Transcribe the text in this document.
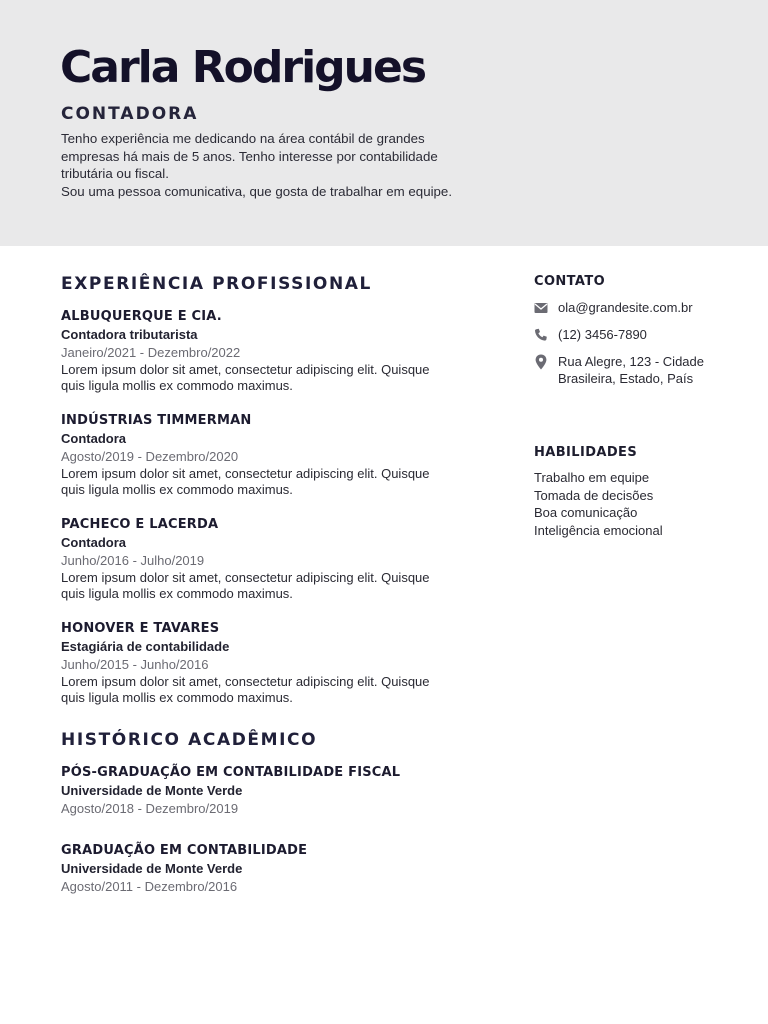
Carla Rodrigues
CONTADORA

Tenho experiência me dedicando na área contábil de grandes
empresas há mais de 5 anos. Tenho interesse por contabilidade
tributária ou fiscal.
Sou uma pessoa comunicativa, que gosta de trabalhar em equipe.

EXPERIÊNCIA PROFISSIONAL
ALBUQUERQUE E CIA.
Contadora tributarista
Janeiro/2021 - Dezembro/2022
Lorem ipsum dolor sit amet, consectetur adipiscing elit. Quisque
quis ligula mollis ex commodo maximus.
INDÚSTRIAS TIMMERMAN
Contadora
Agosto/2019 - Dezembro/2020
Lorem ipsum dolor sit amet, consectetur adipiscing elit. Quisque
quis ligula mollis ex commodo maximus.
PACHECO E LACERDA
Contadora
Junho/2016 - Julho/2019
Lorem ipsum dolor sit amet, consectetur adipiscing elit. Quisque
quis ligula mollis ex commodo maximus.
HONOVER E TAVARES
Estagiária de contabilidade
Junho/2015 - Junho/2016
Lorem ipsum dolor sit amet, consectetur adipiscing elit. Quisque
quis ligula mollis ex commodo maximus.
HISTÓRICO ACADÊMICO
PÓS-GRADUAÇÃO EM CONTABILIDADE FISCAL
Universidade de Monte Verde
Agosto/2018 - Dezembro/2019
GRADUAÇÃO EM CONTABILIDADE
Universidade de Monte Verde
Agosto/2011 - Dezembro/2016
CONTATO
ola@grandesite.com.br
(12) 3456-7890
Rua Alegre, 123 - Cidade
Brasileira, Estado, País
HABILIDADES
Trabalho em equipe
Tomada de decisões
Boa comunicação
Inteligência emocional
